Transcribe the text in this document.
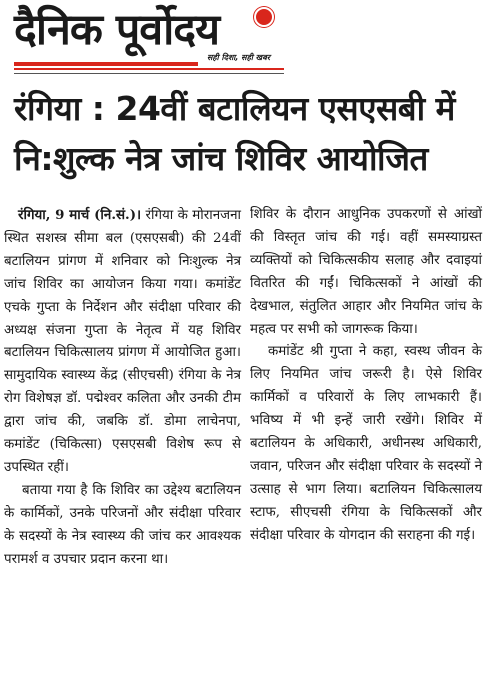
दैनिक पूर्वोदय
सही दिशा, सही खबर
रंगिया : 24वीं बटालियन एसएसबी में
नि:शुल्क नेत्र जांच शिविर आयोजित

रंगिया, 9 मार्च (नि.सं.)। रंगिया के मोरानजना स्थित सशस्त्र सीमा बल (एसएसबी) की 24वीं बटालियन प्रांगण में शनिवार को निःशुल्क नेत्र जांच शिविर का आयोजन किया गया। कमांडेंट एचके गुप्ता के निर्देशन और संदीक्षा परिवार की अध्यक्ष संजना गुप्ता के नेतृत्व में यह शिविर बटालियन चिकित्सालय प्रांगण में आयोजित हुआ। सामुदायिक स्वास्थ्य केंद्र (सीएचसी) रंगिया के नेत्र रोग विशेषज्ञ डॉ. पद्मेश्वर कलिता और उनकी टीम द्वारा जांच की, जबकि डॉ. डोमा लाचेनपा, कमांडेंट (चिकित्सा) एसएसबी विशेष रूप से उपस्थित रहीं।

बताया गया है कि शिविर का उद्देश्य बटालियन के कार्मिकों, उनके परिजनों और संदीक्षा परिवार के सदस्यों के नेत्र स्वास्थ्य की जांच कर आवश्यक परामर्श व उपचार प्रदान करना था।

शिविर के दौरान आधुनिक उपकरणों से आंखों की विस्तृत जांच की गई। वहीं समस्याग्रस्त व्यक्तियों को चिकित्सकीय सलाह और दवाइयां वितरित की गईं। चिकित्सकों ने आंखों की देखभाल, संतुलित आहार और नियमित जांच के महत्व पर सभी को जागरूक किया।

कमांडेंट श्री गुप्ता ने कहा, स्वस्थ जीवन के लिए नियमित जांच जरूरी है। ऐसे शिविर कार्मिकों व परिवारों के लिए लाभकारी हैं। भविष्य में भी इन्हें जारी रखेंगे। शिविर में बटालियन के अधिकारी, अधीनस्थ अधिकारी, जवान, परिजन और संदीक्षा परिवार के सदस्यों ने उत्साह से भाग लिया। बटालियन चिकित्सालय स्टाफ, सीएचसी रंगिया के चिकित्सकों और संदीक्षा परिवार के योगदान की सराहना की गई।
